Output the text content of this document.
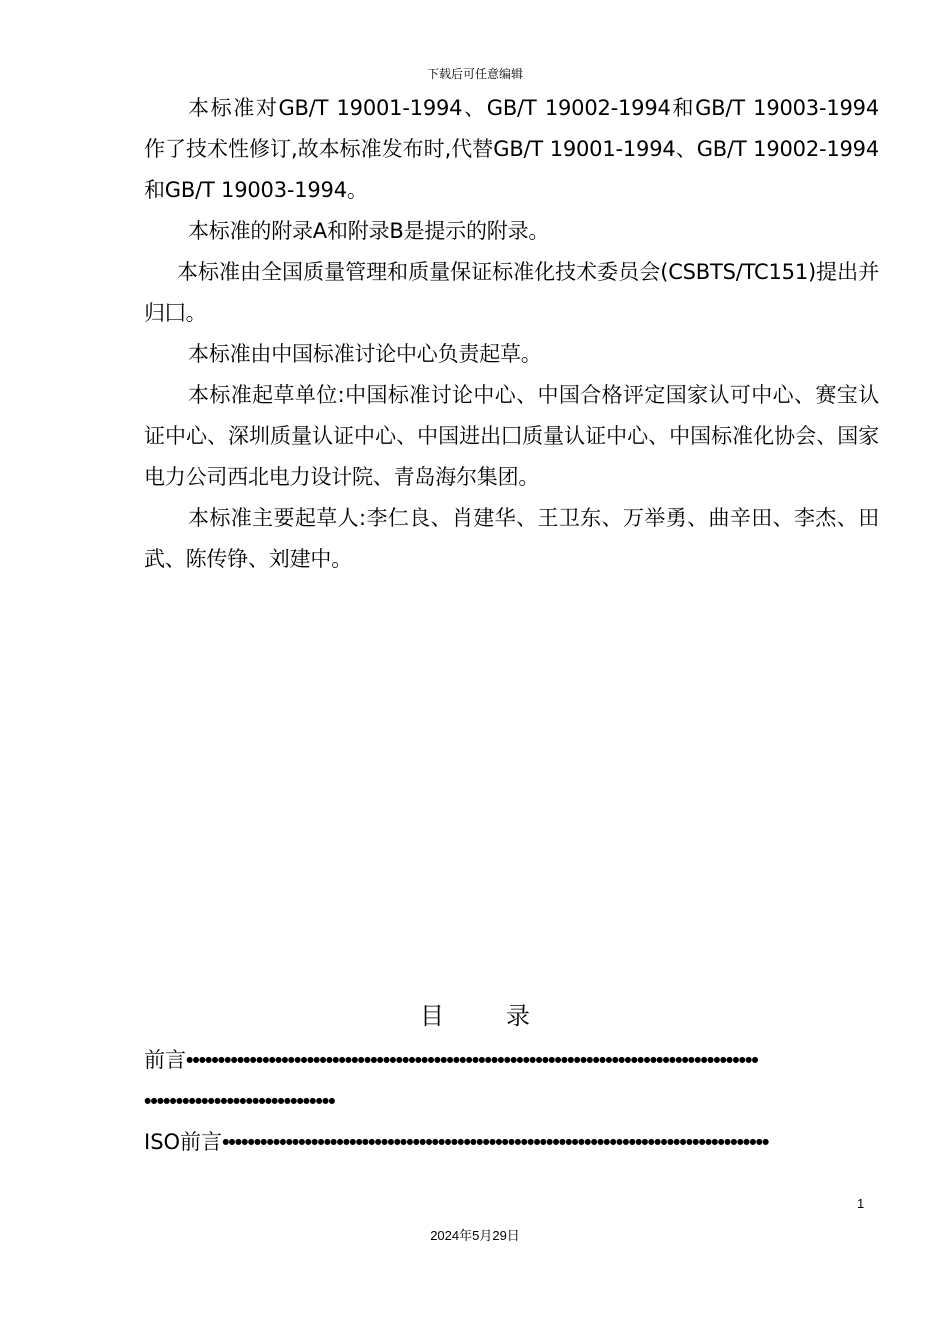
下载后可任意编辑

本标准对GB/T 19001-1994、GB/T 19002-1994和GB/T 19003-1994作了技术性修订,故本标准发布时,代替GB/T 19001-1994、GB/T 19002-1994和GB/T 19003-1994。

本标准的附录A和附录B是提示的附录。

本标准由全国质量管理和质量保证标准化技术委员会(CSBTS/TC151)提出并归囗。

本标准由中国标准讨论中心负责起草。

本标准起草单位:中国标准讨论中心、中国合格评定国家认可中心、赛宝认证中心、深圳质量认证中心、中国进出囗质量认证中心、中国标准化协会、国家电力公司西北电力设计院、青岛海尔集团。

本标准主要起草人:李仁良、肖建华、王卫东、万举勇、曲辛田、李杰、田武、陈传铮、刘建中。

目	录
前言••••••••••••••••••••••••••••••••••••••••••••••••••••••••••••••••••••••••••••••••••••••••••
••••••••••••••••••••••••••••••
ISO前言••••••••••••••••••••••••••••••••••••••••••••••••••••••••••••••••••••••••••••••••••••••
1
2024年5月29日
